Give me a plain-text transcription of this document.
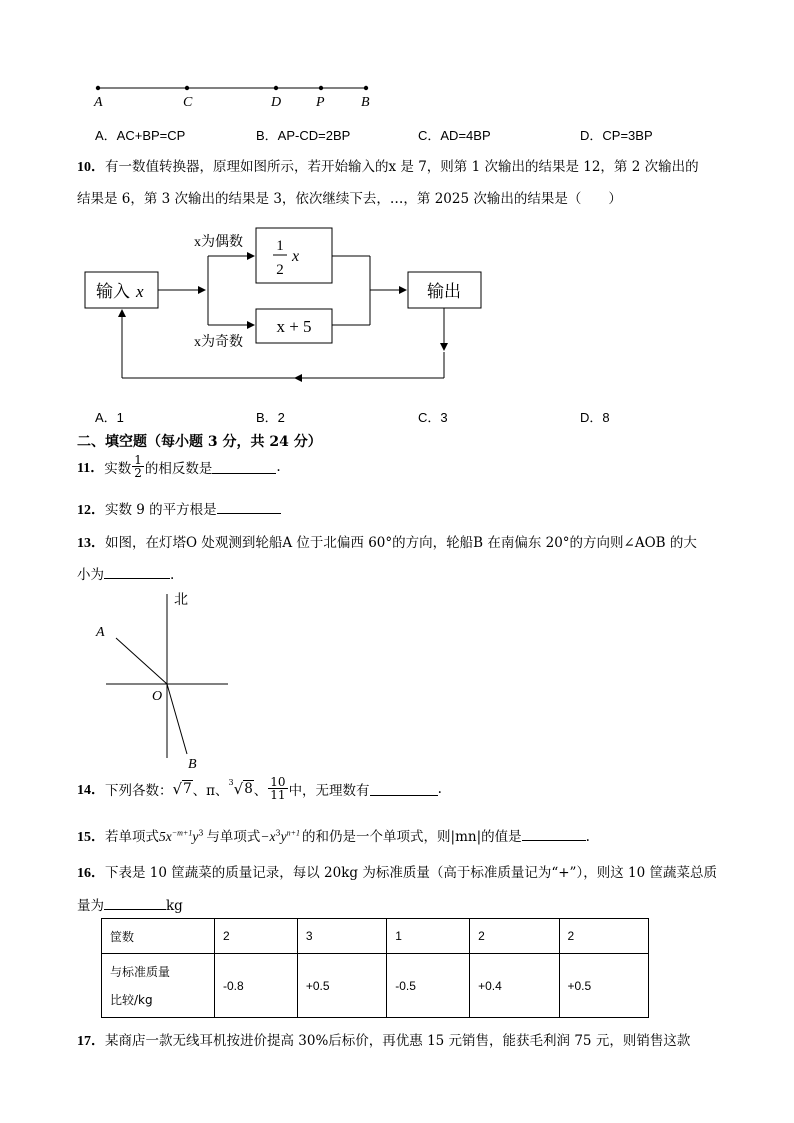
A	C	D P	B
A．AC+BP=CP	B．AP-CD=2BP	C．AD=4BP	D．CP=3BP
10．有一数值转换器，原理如图所示，若开始输入的x 是 7，则第 1 次输出的结果是 12，第 2 次输出的
结果是 6，第 3 次输出的结果是 3，依次继续下去，…，第 2025 次输出的结果是（　　）
输入 x
x为偶数
x为奇数
1
2
x
x + 5
输出
A．1	B．2	C．3	D．8
二、填空题（每小题 3 分，共 24 分）
11． 实数 $\frac{1}{2}$ 的相反数是	.
12．实数 9 的平方根是
13．如图，在灯塔O 处观测到轮船A 位于北偏西 60°的方向，轮船B 在南偏东 20°的方向则∠AOB 的大
小为	.
北
A
O
B
14． 下列各数： √ 7 、π、 3 √ 8 、 $\frac{10}{11}$ 中，无理数有	.
15．若单项式$5x^{-m+1}y^3$ 与单项式$-x^3y^{n+1}$ 的和仍是一个单项式，则|mn|的值是	.
16．下表是 10 筐蔬菜的质量记录，每以 20kg 为标准质量（高于标准质量记为“+”），则这 10 筐蔬菜总质
量为	kg
筐数	2	3	1	2	2

与标准质量
比较/kg	-0.8	+0.5	-0.5	+0.4	+0.5
17．某商店一款无线耳机按进价提高 30%后标价，再优惠 15 元销售，能获毛利润 75 元，则销售这款
